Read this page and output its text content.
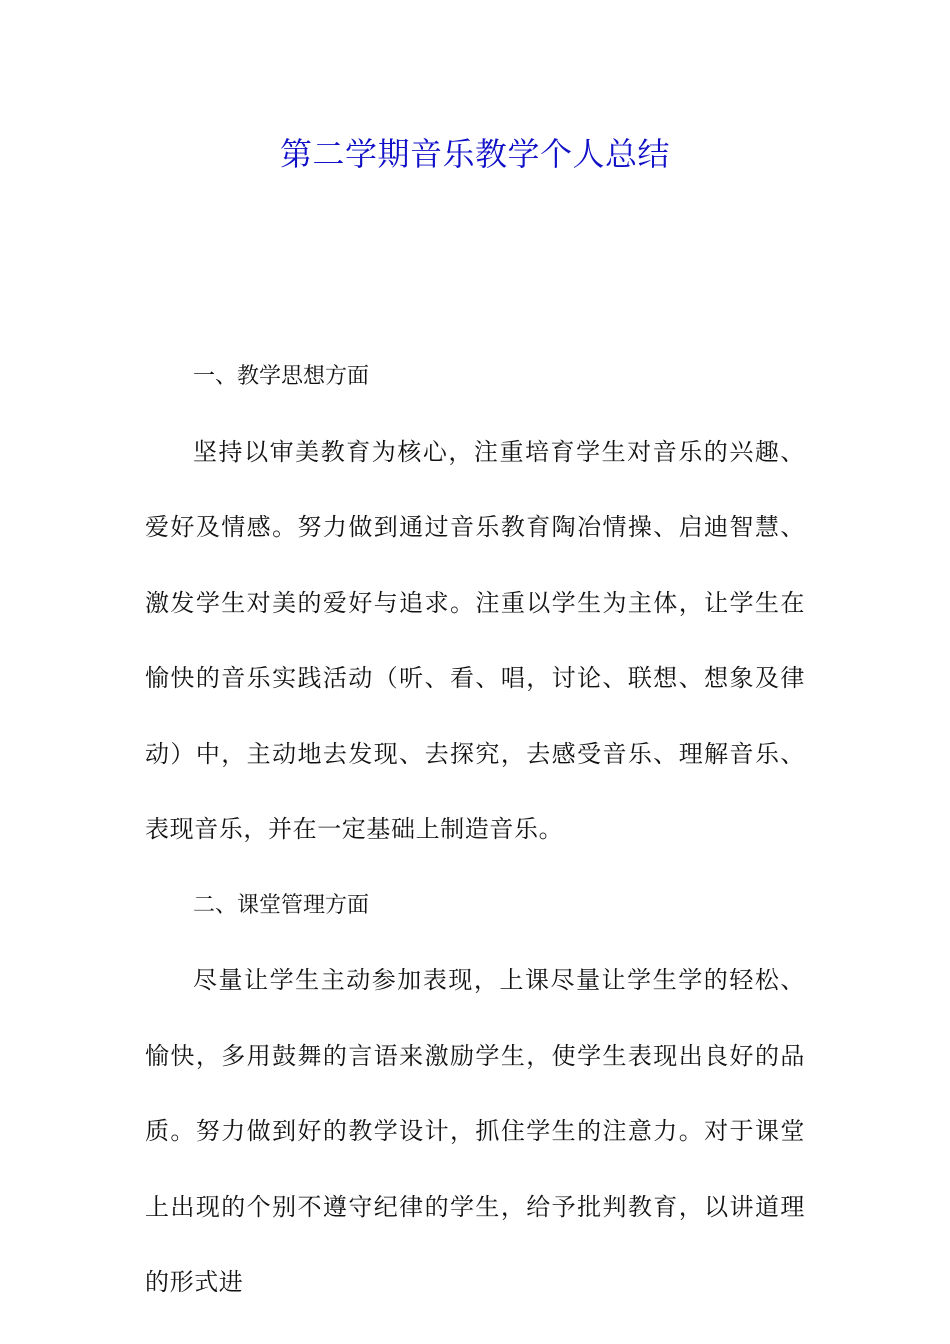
第二学期音乐教学个人总结

一、教学思想方面

坚持以审美教育为核心，注重培育学生对音乐的兴趣、爱好及情感。努力做到通过音乐教育陶冶情操、启迪智慧、激发学生对美的爱好与追求。注重以学生为主体，让学生在愉快的音乐实践活动（听、看、唱，讨论、联想、想象及律动）中，主动地去发现、去探究，去感受音乐、理解音乐、表现音乐，并在一定基础上制造音乐。

二、课堂管理方面

尽量让学生主动参加表现，上课尽量让学生学的轻松、愉快，多用鼓舞的言语来激励学生，使学生表现出良好的品质。努力做到好的教学设计，抓住学生的注意力。对于课堂上出现的个别不遵守纪律的学生，给予批判教育，以讲道理的形式进
